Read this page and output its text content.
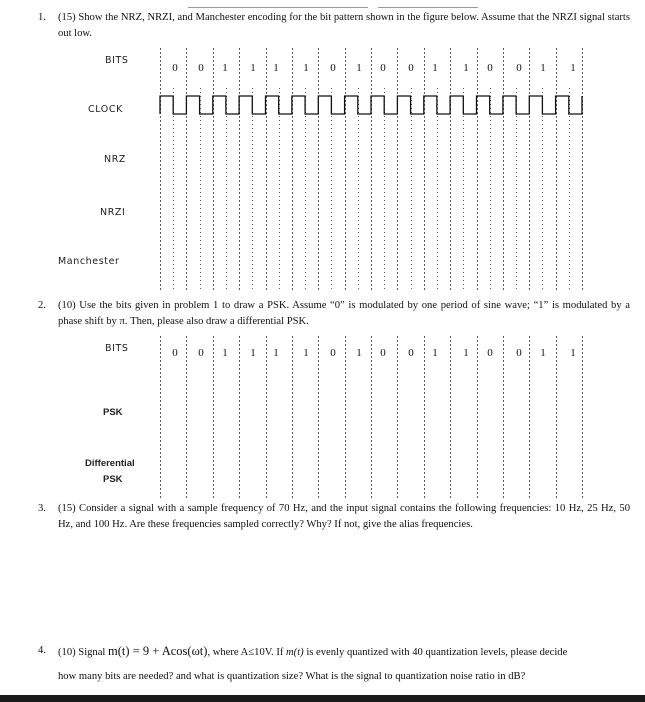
1. (15) Show the NRZ, NRZI, and Manchester encoding for the bit pattern shown in the figure below. Assume that the NRZI signal starts out low.
BITS
CLOCK
NRZ
NRZI
Manchester
0 0 1 1 1 1 0 1 0 0 1 1 0 0 1 1
2. (10) Use the bits given in problem 1 to draw a PSK. Assume “0” is modulated by one period of sine wave; “1” is modulated by a phase shift by π. Then, please also draw a differential PSK.
BITS
PSK
Differential
PSK
0 0 1 1 1 1 0 1 0 0 1 1 0 0 1 1
3. (15) Consider a signal with a sample frequency of 70 Hz, and the input signal contains the following frequencies: 10 Hz, 25 Hz, 50 Hz, and 100 Hz. Are these frequencies sampled correctly? Why? If not, give the alias frequencies.
4. (10) Signal m(t) = 9 + Acos(ωt), where A≤10V. If m(t) is evenly quantized with 40 quantization levels, please decide
how many bits are needed? and what is quantization size? What is the signal to quantization noise ratio in dB?
